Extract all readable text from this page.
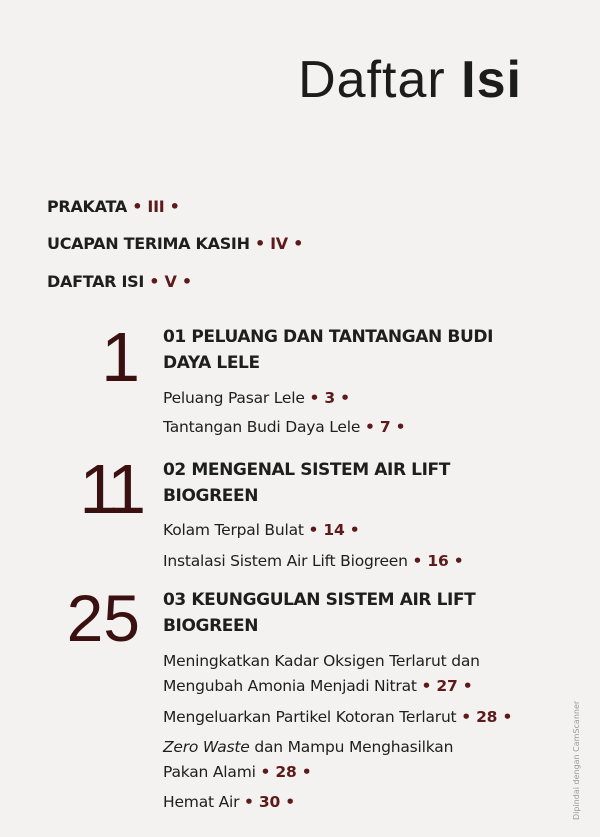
Daftar Isi
PRAKATA • III •
UCAPAN TERIMA KASIH • IV •
DAFTAR ISI • V •
1 01 PELUANG DAN TANTANGAN BUDI DAYA LELE
Peluang Pasar Lele • 3 •
Tantangan Budi Daya Lele • 7 •
11 02 MENGENAL SISTEM AIR LIFT BIOGREEN
Kolam Terpal Bulat • 14 •
Instalasi Sistem Air Lift Biogreen • 16 •
25 03 KEUNGGULAN SISTEM AIR LIFT BIOGREEN
Meningkatkan Kadar Oksigen Terlarut dan Mengubah Amonia Menjadi Nitrat • 27 •
Mengeluarkan Partikel Kotoran Terlarut • 28 •
Zero Waste dan Mampu Menghasilkan Pakan Alami • 28 •
Hemat Air • 30 •	Dipindai dengan CamScanner
